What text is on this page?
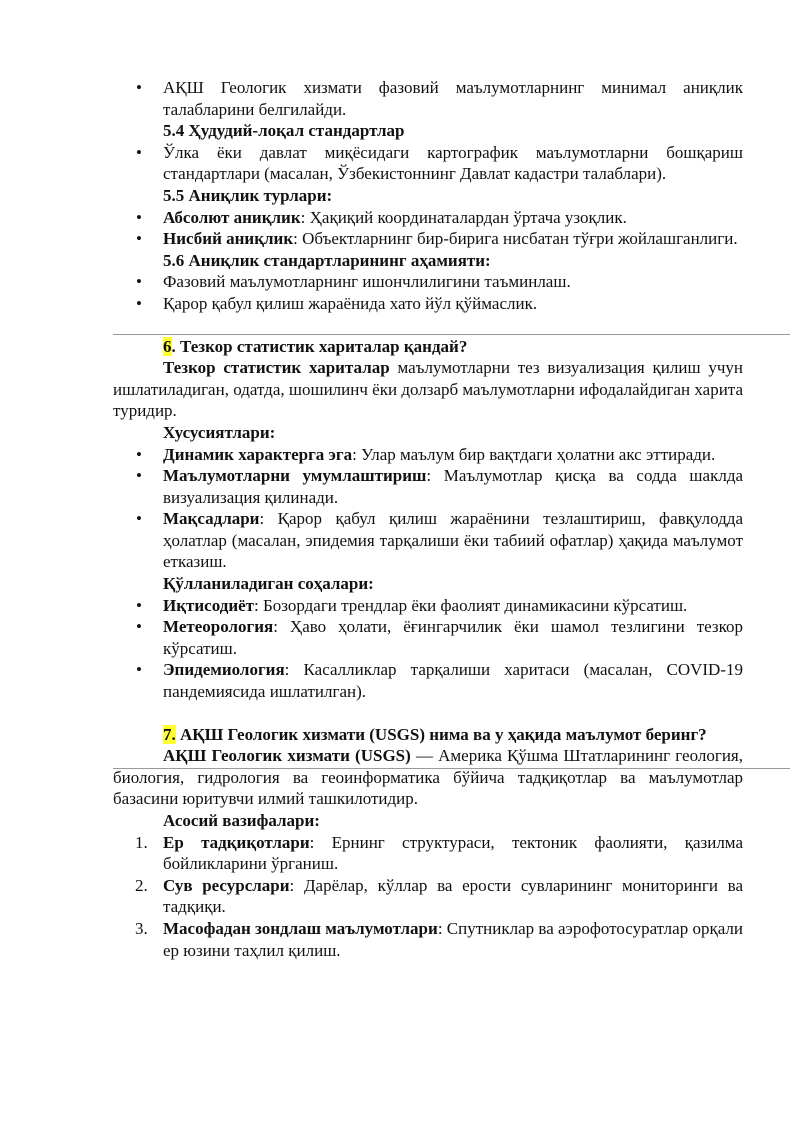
• АҚШ Геологик хизмати фазовий маълумотларнинг минимал аниқлик талабларини белгилайди.
5.4 Ҳудудий-лоқал стандартлар
• Ўлка ёки давлат миқёсидаги картографик маълумотларни бошқариш стандартлари (масалан, Ўзбекистоннинг Давлат кадастри талаблари).
5.5 Аниқлик турлари:
• Абсолют аниқлик: Ҳақиқий координаталардан ўртача узоқлик.
• Нисбий аниқлик: Объектларнинг бир-бирига нисбатан тўғри жойлашганлиги.
5.6 Аниқлик стандартларининг аҳамияти:
• Фазовий маълумотларнинг ишончлилигини таъминлаш.
• Қарор қабул қилиш жараёнида хато йўл қўймаслик.
6. Тезкор статистик хариталар қандай?
Тезкор статистик хариталар маълумотларни тез визуализация қилиш учун ишлатиладиган, одатда, шошилинч ёки долзарб маълумотларни ифодалайдиган харита туридир.
Хусусиятлари:
• Динамик характерга эга: Улар маълум бир вақтдаги ҳолатни акс эттиради.
• Маълумотларни умумлаштириш: Маълумотлар қисқа ва содда шаклда визуализация қилинади.
• Мақсадлари: Қарор қабул қилиш жараёнини тезлаштириш, фавқулодда ҳолатлар (масалан, эпидемия тарқалиши ёки табиий офатлар) ҳақида маълумот етказиш.
Қўлланиладиган соҳалари:
• Иқтисодиёт: Бозордаги трендлар ёки фаолият динамикасини кўрсатиш.
• Метеорология: Ҳаво ҳолати, ёғингарчилик ёки шамол тезлигини тезкор кўрсатиш.
• Эпидемиология: Касалликлар тарқалиши харитаси (масалан, COVID-19 пандемиясида ишлатилган).
7. АҚШ Геологик хизмати (USGS) нима ва у ҳақида маълумот беринг?
АҚШ Геологик хизмати (USGS) — Америка Қўшма Штатларининг геология, биология, гидрология ва геоинформатика бўйича тадқиқотлар ва маълумотлар базасини юритувчи илмий ташкилотидир.
Асосий вазифалари:
1. Ер тадқиқотлари: Ернинг структураси, тектоник фаолияти, қазилма бойликларини ўрганиш.
2. Сув ресурслари: Дарёлар, кўллар ва ерости сувларининг мониторинги ва тадқиқи.
3. Масофадан зондлаш маълумотлари: Спутниклар ва аэрофотосуратлар орқали ер юзини таҳлил қилиш.
